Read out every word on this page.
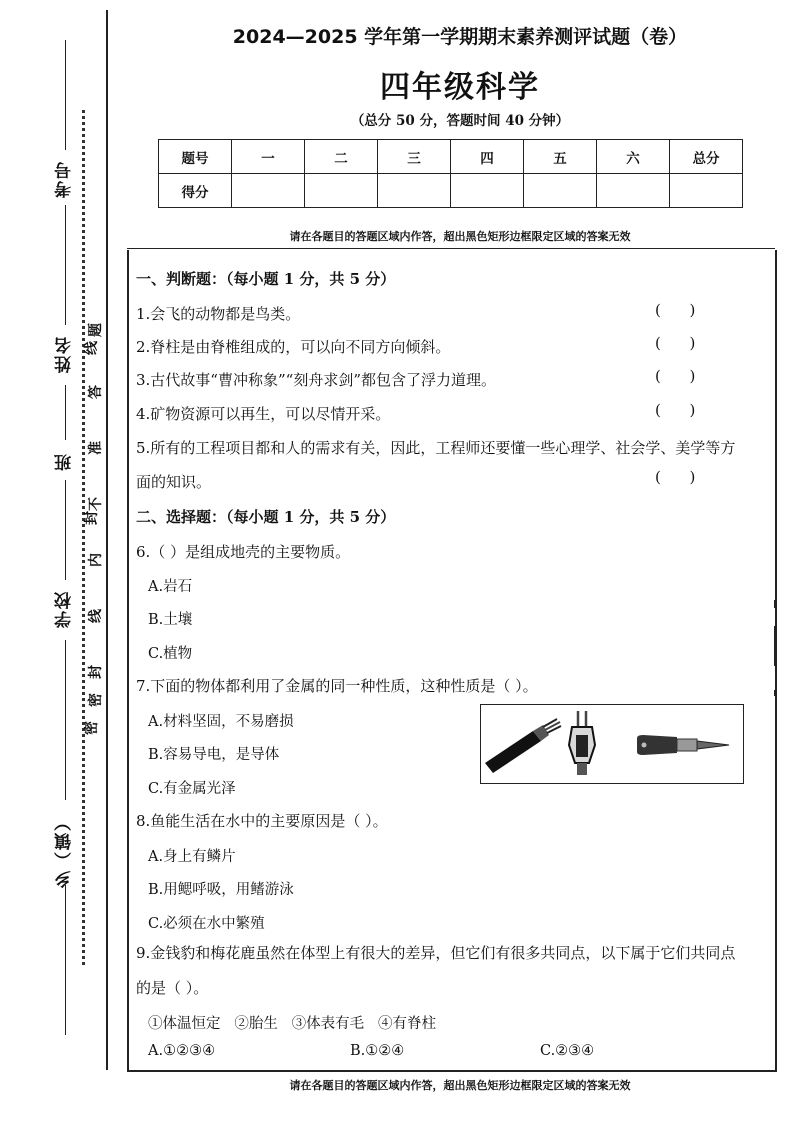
考号
姓名
班
学校
乡（镇）
线
题
答
准
不
内
线
封
密
封
密
2024—2025 学年第一学期期末素养测评试题（卷）
四年级科学
（总分 50 分，答题时间 40 分钟）
题号	一	二	三	四	五	六	总分
得分							
请在各题目的答题区域内作答，超出黑色矩形边框限定区域的答案无效
一、判断题：（每小题 1 分，共 5 分）
1.会飞的动物都是鸟类。	(      )
2.脊柱是由脊椎组成的，可以向不同方向倾斜。	(      )
3.古代故事“曹冲称象”“刻舟求剑”都包含了浮力道理。	(      )
4.矿物资源可以再生，可以尽情开采。	(      )
5.所有的工程项目都和人的需求有关，因此，工程师还要懂一些心理学、社会学、美学等方
面的知识。	(      )
二、选择题：（每小题 1 分，共 5 分）
6.（ ）是组成地壳的主要物质。
A.岩石
B.土壤
C.植物
7.下面的物体都利用了金属的同一种性质，这种性质是（ ）。
A.材料坚固，不易磨损
B.容易导电，是导体
C.有金属光泽
8.鱼能生活在水中的主要原因是（ ）。
A.身上有鳞片
B.用鳃呼吸，用鳍游泳
C.必须在水中繁殖
9.金钱豹和梅花鹿虽然在体型上有很大的差异，但它们有很多共同点，以下属于它们共同点
的是（ ）。
①体温恒定   ②胎生   ③体表有毛   ④有脊柱
A.①②③④	B.①②④	C.②③④
请在各题目的答题区域内作答，超出黑色矩形边框限定区域的答案无效
